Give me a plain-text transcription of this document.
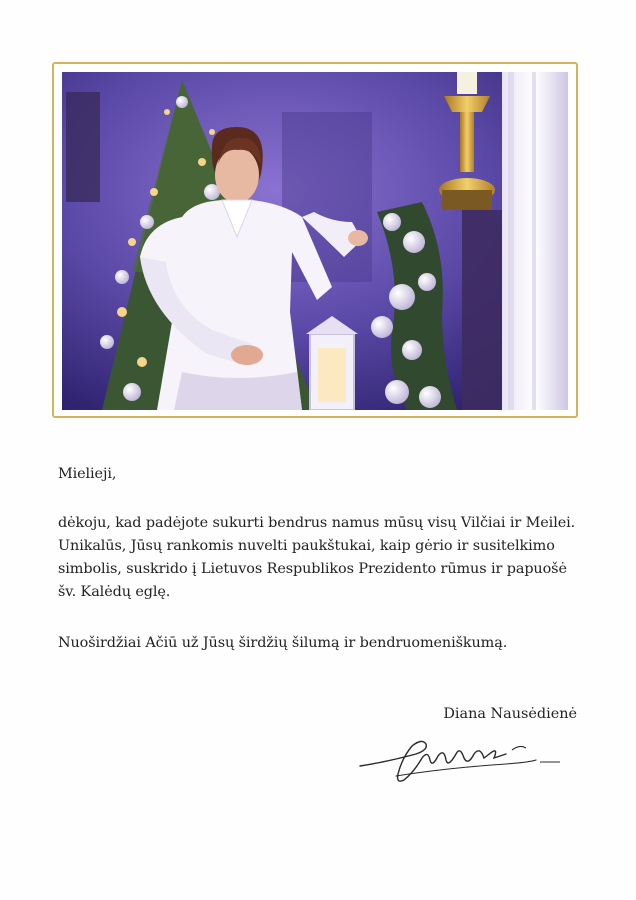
Mielieji,
dėkoju, kad padėjote sukurti bendrus namus mūsų visų Vilčiai ir Meilei.
Unikalūs, Jūsų rankomis nuvelti paukštukai, kaip gėrio ir susitelkimo
simbolis, suskrido į Lietuvos Respublikos Prezidento rūmus ir papuošė
šv. Kalėdų eglę.
Nuoširdžiai Ačiū už Jūsų širdžių šilumą ir bendruomeniškumą.
Diana Nausėdienė
